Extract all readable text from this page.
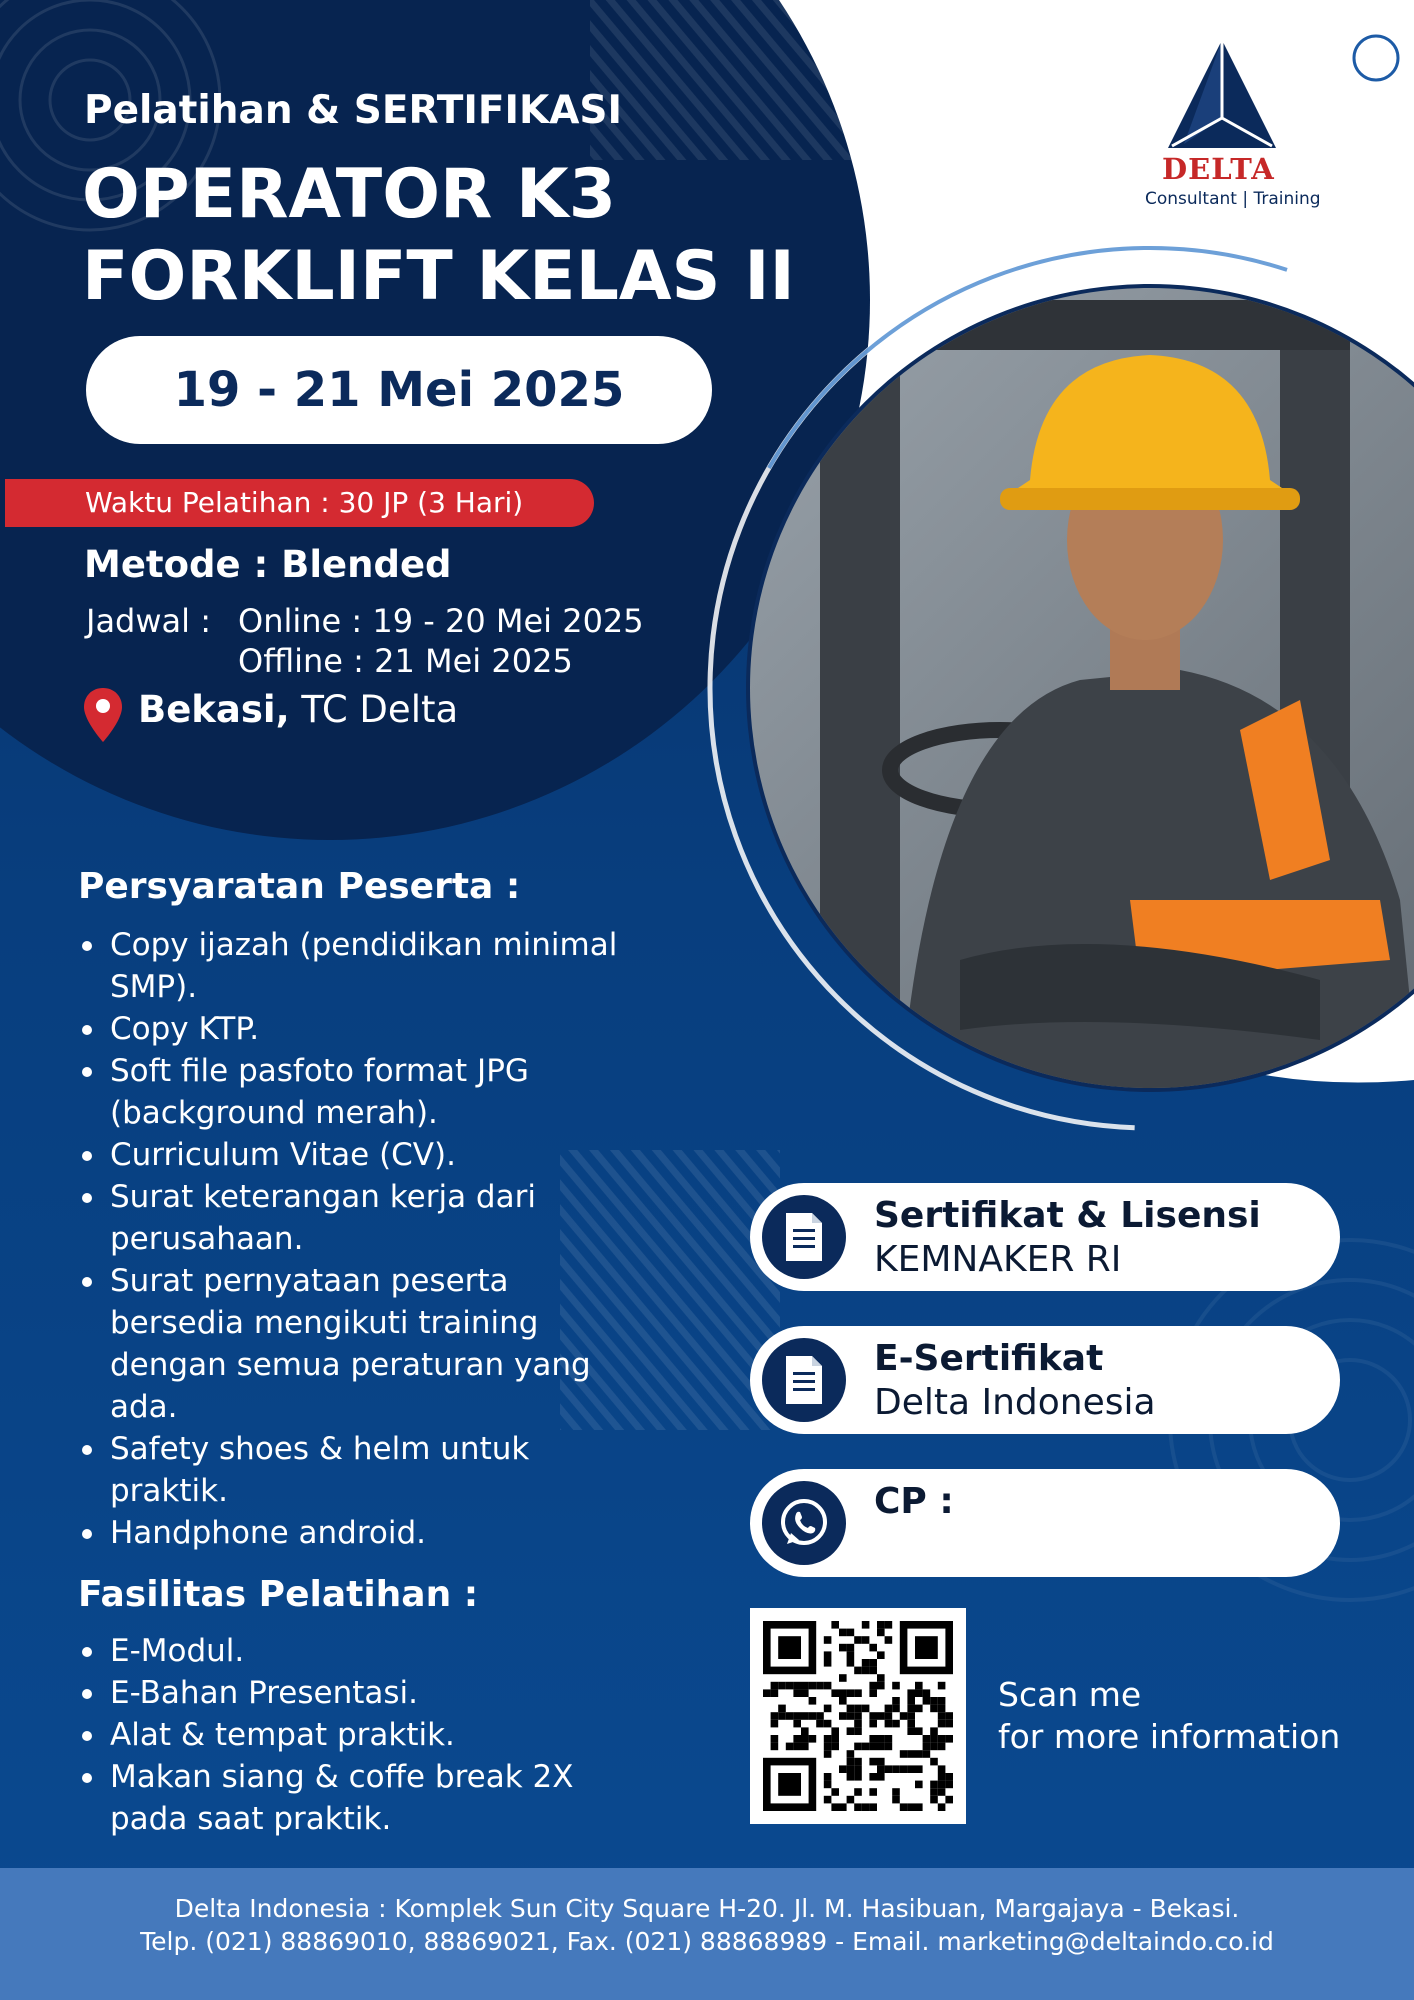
DELTA
Consultant | Training
Pelatihan & SERTIFIKASI
OPERATOR K3
FORKLIFT KELAS II
19 - 21 Mei 2025
Waktu Pelatihan : 30 JP (3 Hari)
Metode : Blended
Jadwal : Online : 19 - 20 Mei 2025
Offline : 21 Mei 2025
Bekasi, TC Delta
Persyaratan Peserta :
Copy ijazah (pendidikan minimal SMP).
Copy KTP.
Soft file pasfoto format JPG (background merah).
Curriculum Vitae (CV).
Surat keterangan kerja dari perusahaan.
Surat pernyataan peserta bersedia mengikuti training dengan semua peraturan yang ada.
Safety shoes & helm untuk praktik.
Handphone android.
Fasilitas Pelatihan :
E-Modul.
E-Bahan Presentasi.
Alat & tempat praktik.
Makan siang & coffe break 2X pada saat praktik.
Sertifikat & Lisensi
KEMNAKER RI
E-Sertifikat
Delta Indonesia
CP :
Scan me
for more information
Delta Indonesia : Komplek Sun City Square H-20. Jl. M. Hasibuan, Margajaya - Bekasi.
Telp. (021) 88869010, 88869021, Fax. (021) 88868989 - Email. marketing@deltaindo.co.id
